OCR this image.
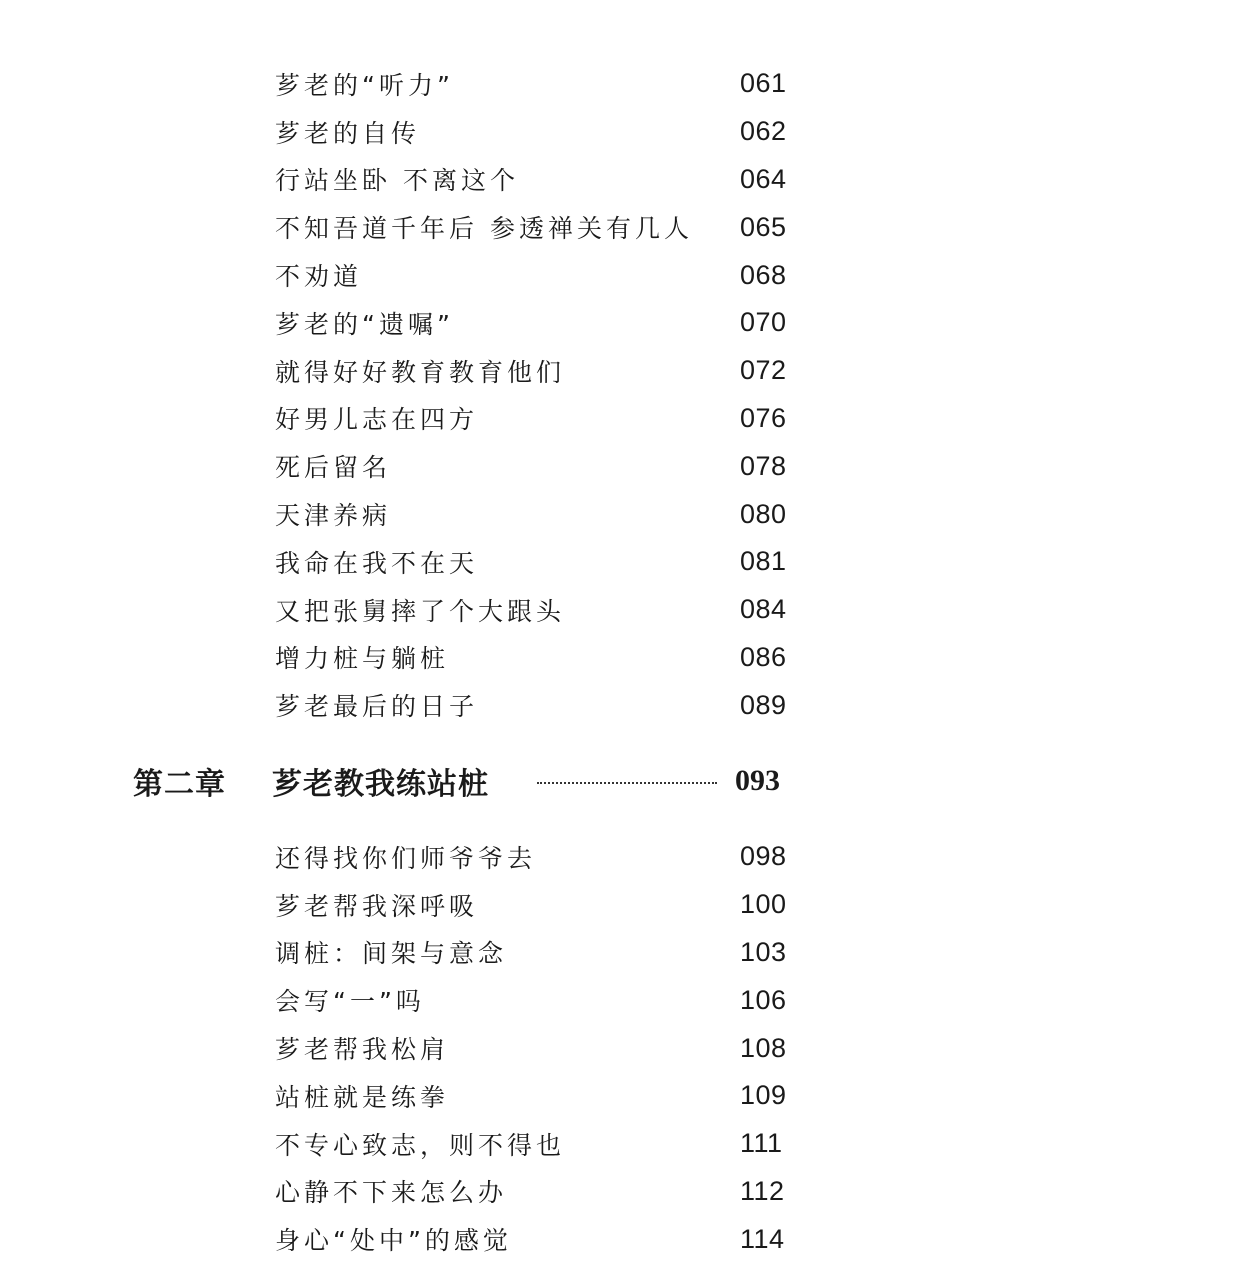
芗老的“听力”	061
芗老的自传	062
行站坐卧 不离这个	064
不知吾道千年后 参透禅关有几人 065
不劝道	068
芗老的“遗嘱”	070
就得好好教育教育他们	072
好男儿志在四方	076
死后留名	078
天津养病	080
我命在我不在天	081
又把张舅摔了个大跟头	084
增力桩与躺桩	086
芗老最后的日子	089
第二章 芗老教我练站桩	093
还得找你们师爷爷去	098
芗老帮我深呼吸	100
调桩：间架与意念	103
会写“一”吗	106
芗老帮我松肩	108
站桩就是练拳	109
不专心致志，则不得也	111
心静不下来怎么办	112
身心“处中”的感觉	114
